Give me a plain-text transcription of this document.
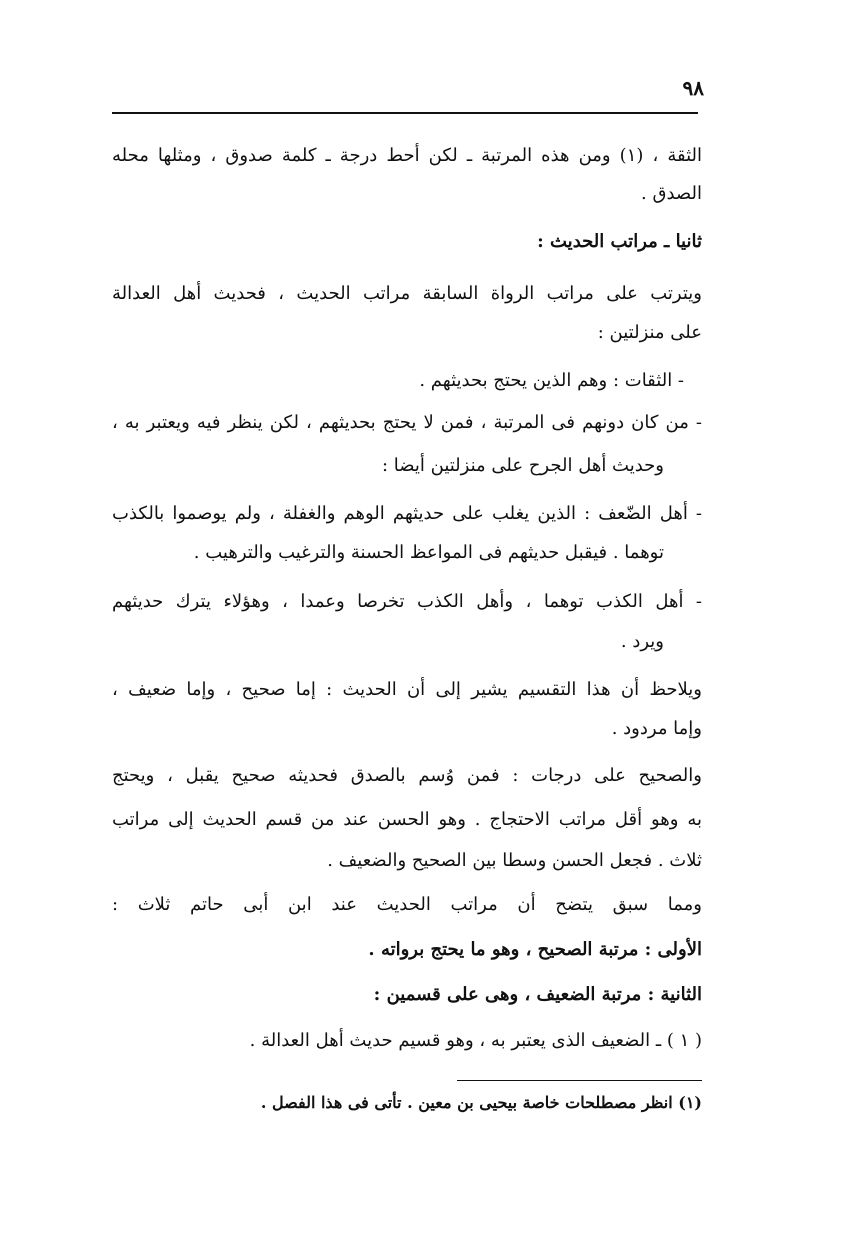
٩٨
الثقة ، (١) ومن هذه المرتبة ـ لكن أحط درجة ـ كلمة صدوق ، ومثلها محله
الصدق .
ثانيا ـ مراتب الحديث :
ويترتب على مراتب الرواة السابقة مراتب الحديث ، فحديث أهل العدالة
على منزلتين :
- الثقات : وهم الذين يحتج بحديثهم .
- من كان دونهم فى المرتبة ، فمن لا يحتج بحديثهم ، لكن ينظر فيه ويعتبر به ،
وحديث أهل الجرح على منزلتين أيضا :
- أهل الضّعف : الذين يغلب على حديثهم الوهم والغفلة ، ولم يوصموا بالكذب
توهما . فيقبل حديثهم فى المواعظ الحسنة والترغيب والترهيب .
- أهل الكذب توهما ، وأهل الكذب تخرصا وعمدا ، وهؤلاء يترك حديثهم
ويرد .
ويلاحظ أن هذا التقسيم يشير إلى أن الحديث : إما صحيح ، وإما ضعيف ،
وإما مردود .
والصحيح على درجات : فمن وُسم بالصدق فحديثه صحيح يقبل ، ويحتج
به وهو أقل مراتب الاحتجاج . وهو الحسن عند من قسم الحديث إلى مراتب
ثلاث . فجعل الحسن وسطا بين الصحيح والضعيف .
ومما سبق يتضح أن مراتب الحديث عند ابن أبى حاتم ثلاث :
الأولى : مرتبة الصحيح ، وهو ما يحتج برواته .
الثانية : مرتبة الضعيف ، وهى على قسمين :
( ١ ) ـ الضعيف الذى يعتبر به ، وهو قسيم حديث أهل العدالة .
(١) انظر مصطلحات خاصة بيحيى بن معين . تأتى فى هذا الفصل .
